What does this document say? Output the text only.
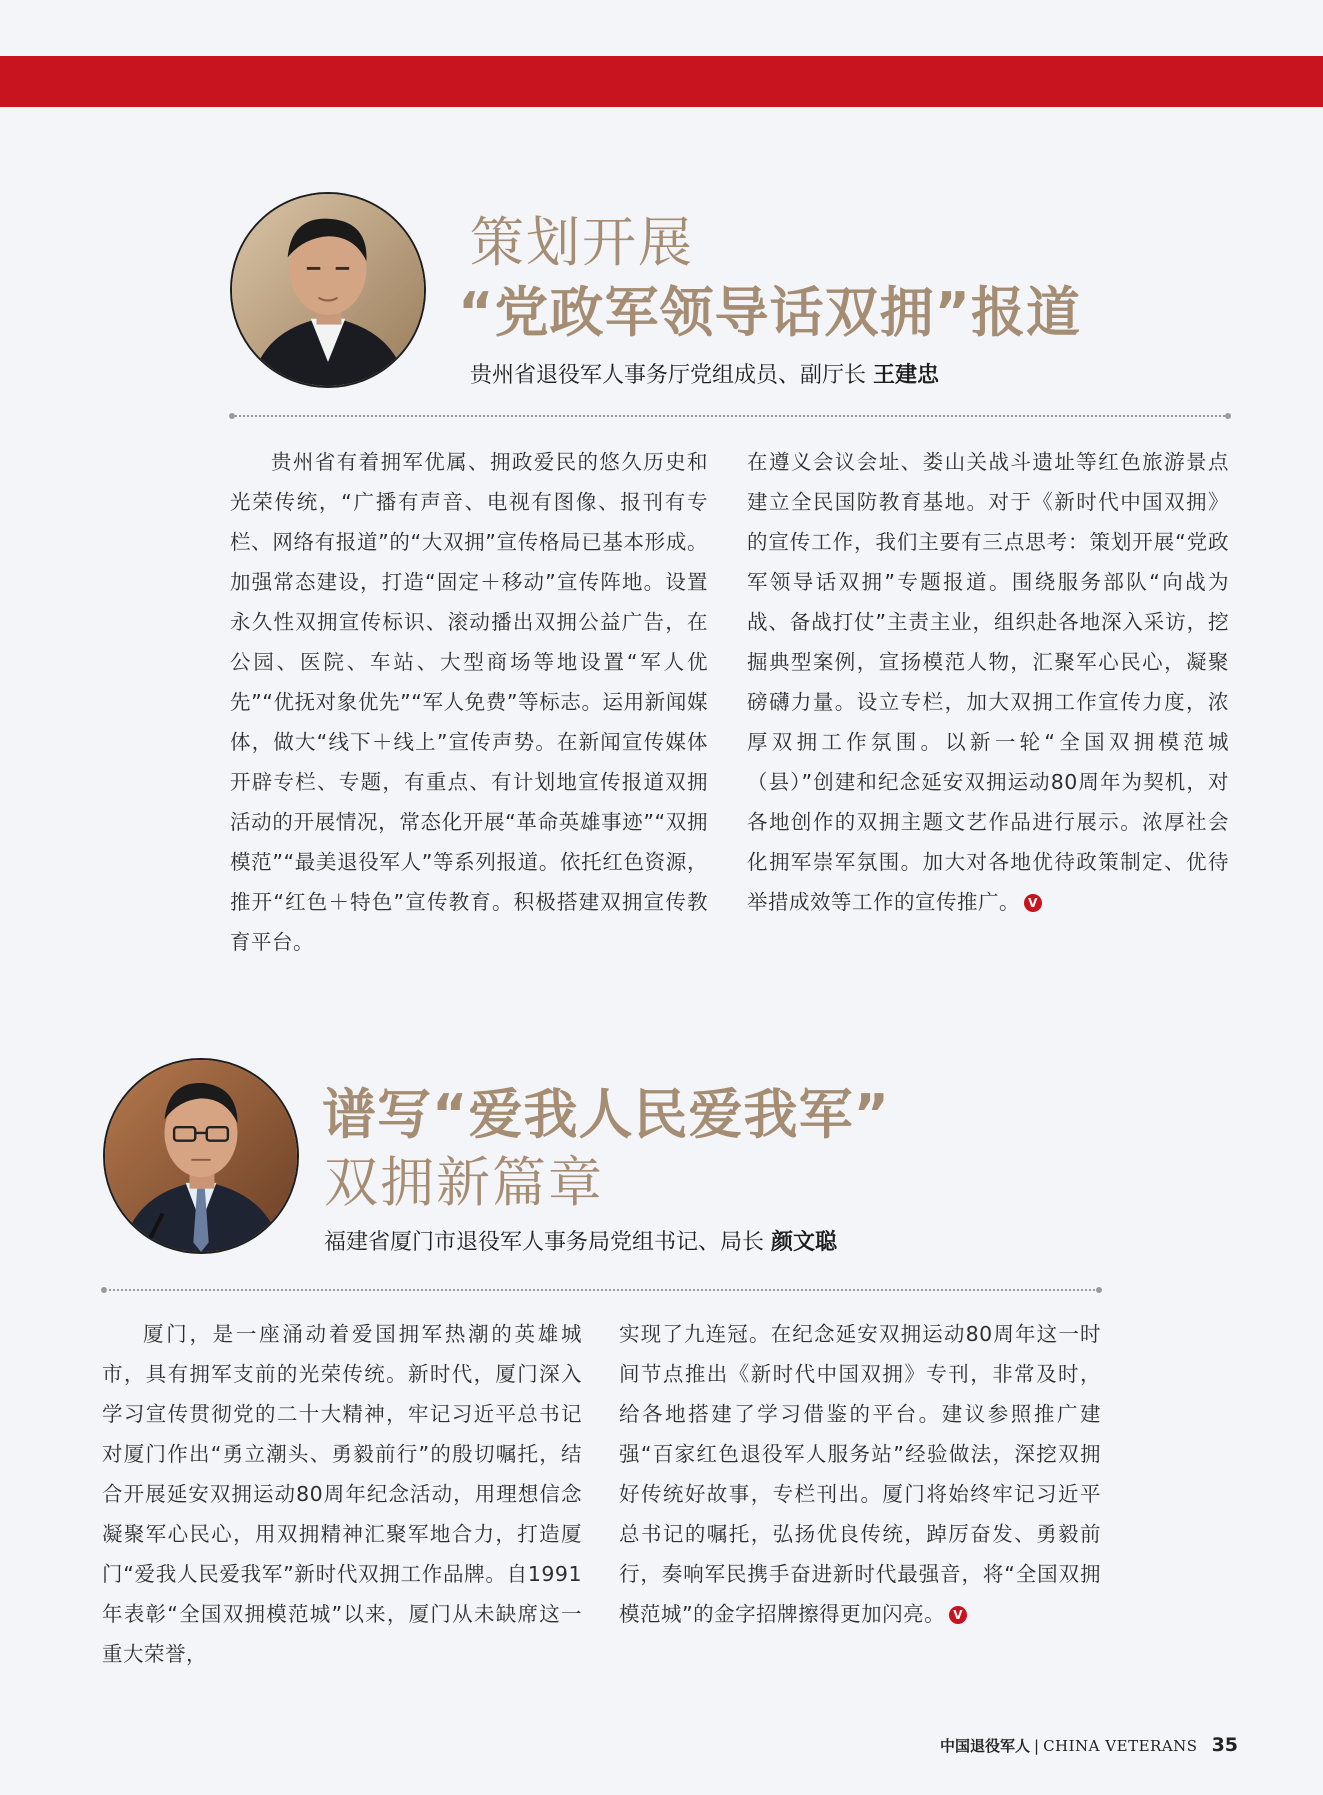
策划开展
“党政军领导话双拥”报道
贵州省退役军人事务厅党组成员、副厅长 王建忠

贵州省有着拥军优属、拥政爱民的悠久历史和光荣传统，“广播有声音、电视有图像、报刊有专栏、网络有报道”的“大双拥”宣传格局已基本形成。加强常态建设，打造“固定＋移动”宣传阵地。设置永久性双拥宣传标识、滚动播出双拥公益广告，在公园、医院、车站、大型商场等地设置“军人优先”“优抚对象优先”“军人免费”等标志。运用新闻媒体，做大“线下＋线上”宣传声势。在新闻宣传媒体开辟专栏、专题，有重点、有计划地宣传报道双拥活动的开展情况，常态化开展“革命英雄事迹”“双拥模范”“最美退役军人”等系列报道。依托红色资源，推开“红色＋特色”宣传教育。积极搭建双拥宣传教育平台。

在遵义会议会址、娄山关战斗遗址等红色旅游景点建立全民国防教育基地。对于《新时代中国双拥》的宣传工作，我们主要有三点思考：策划开展“党政军领导话双拥”专题报道。围绕服务部队“向战为战、备战打仗”主责主业，组织赴各地深入采访，挖掘典型案例，宣扬模范人物，汇聚军心民心，凝聚磅礴力量。设立专栏，加大双拥工作宣传力度，浓厚双拥工作氛围。以新一轮“全国双拥模范城（县）”创建和纪念延安双拥运动80周年为契机，对各地创作的双拥主题文艺作品进行展示。浓厚社会化拥军崇军氛围。加大对各地优待政策制定、优待举措成效等工作的宣传推广。 V

谱写“爱我人民爱我军”
双拥新篇章
福建省厦门市退役军人事务局党组书记、局长 颜文聪

厦门，是一座涌动着爱国拥军热潮的英雄城市，具有拥军支前的光荣传统。新时代，厦门深入学习宣传贯彻党的二十大精神，牢记习近平总书记对厦门作出“勇立潮头、勇毅前行”的殷切嘱托，结合开展延安双拥运动80周年纪念活动，用理想信念凝聚军心民心，用双拥精神汇聚军地合力，打造厦门“爱我人民爱我军”新时代双拥工作品牌。自1991年表彰“全国双拥模范城”以来，厦门从未缺席这一重大荣誉，

实现了九连冠。在纪念延安双拥运动80周年这一时间节点推出《新时代中国双拥》专刊，非常及时，给各地搭建了学习借鉴的平台。建议参照推广建强“百家红色退役军人服务站”经验做法，深挖双拥好传统好故事，专栏刊出。厦门将始终牢记习近平总书记的嘱托，弘扬优良传统，踔厉奋发、勇毅前行，奏响军民携手奋进新时代最强音，将“全国双拥模范城”的金字招牌擦得更加闪亮。 V

中国退役军人 | CHINA VETERANS 35
